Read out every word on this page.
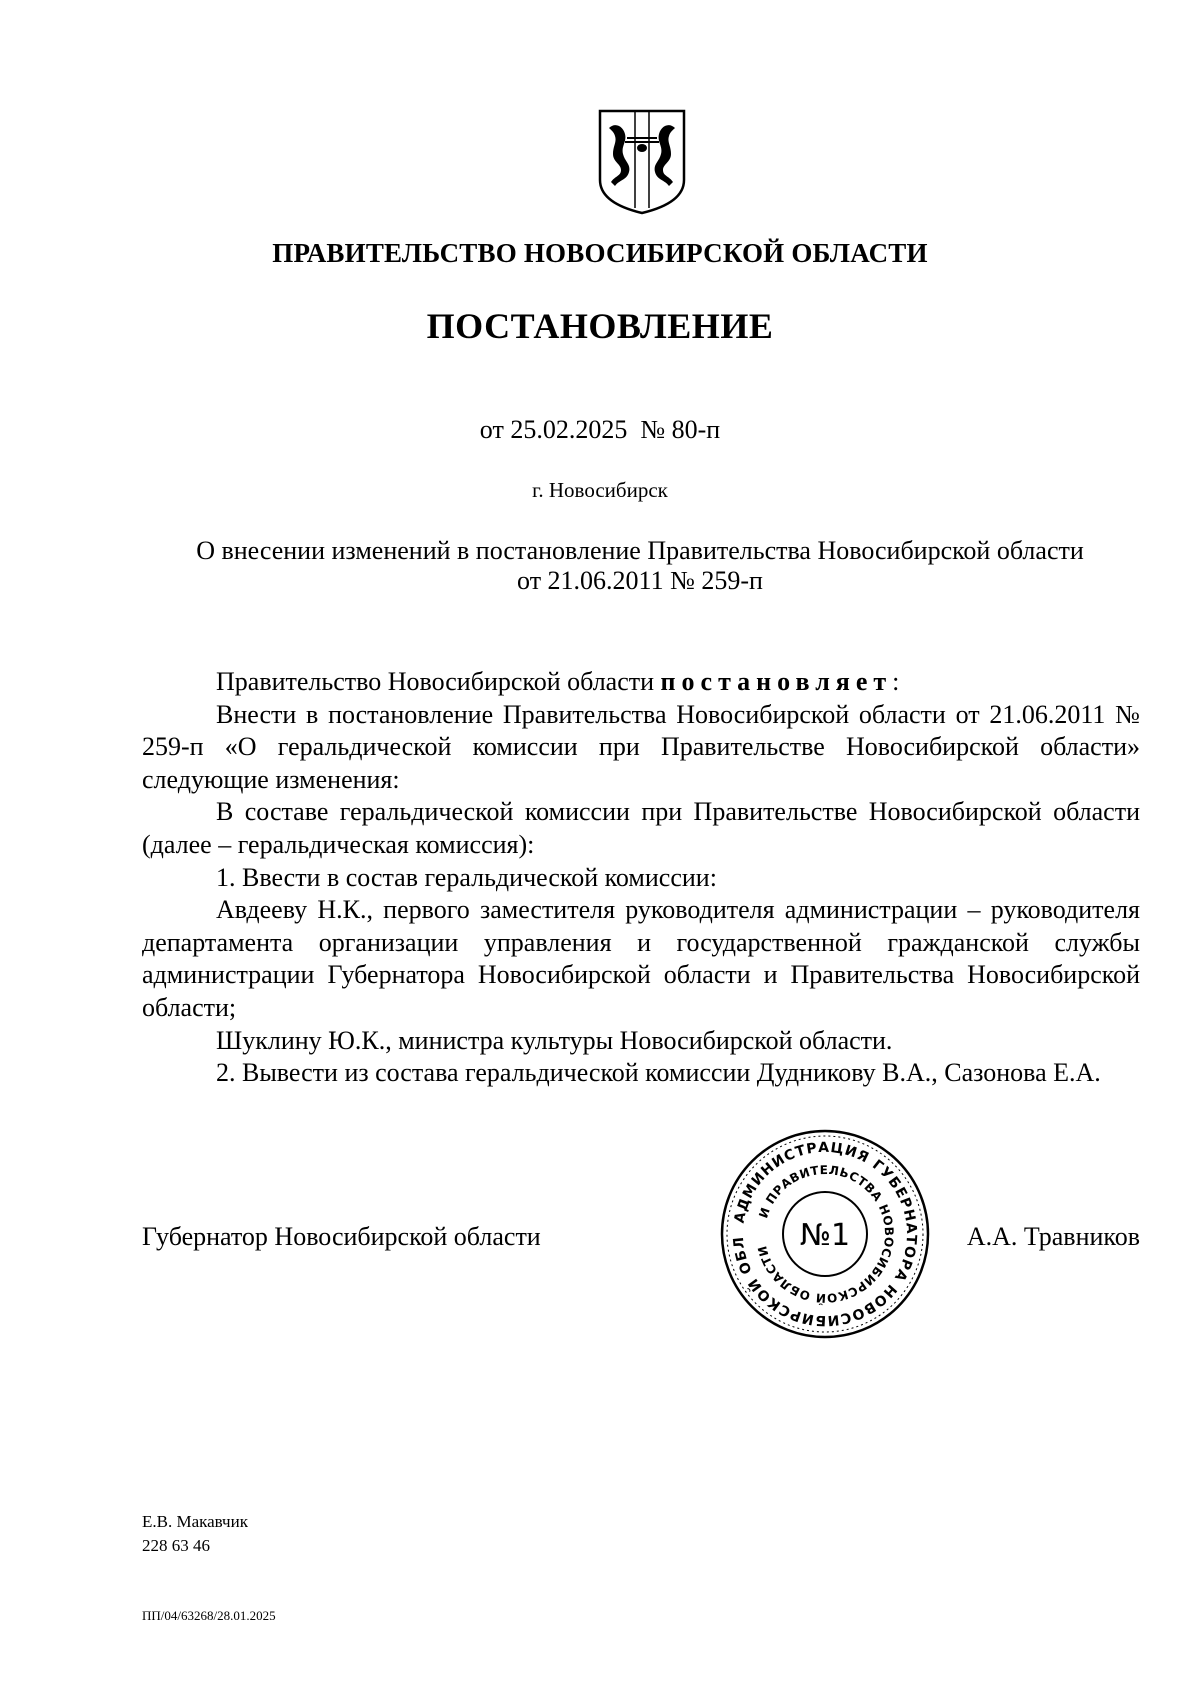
ПРАВИТЕЛЬСТВО НОВОСИБИРСКОЙ ОБЛАСТИ
ПОСТАНОВЛЕНИЕ
от 25.02.2025  № 80-п
г. Новосибирск
О внесении изменений в постановление Правительства Новосибирской области
от 21.06.2011 № 259-п

Правительство Новосибирской области постановляет:

Внести в постановление Правительства Новосибирской области от 21.06.2011 № 259-п «О геральдической комиссии при Правительстве Новосибирской области» следующие изменения:

В составе геральдической комиссии при Правительстве Новосибирской области (далее – геральдическая комиссия):

1. Ввести в состав геральдической комиссии:

Авдееву Н.К., первого заместителя руководителя администрации – руководителя департамента организации управления и государственной гражданской службы администрации Губернатора Новосибирской области и Правительства Новосибирской области;

Шуклину Ю.К., министра культуры Новосибирской области.

2. Вывести из состава геральдической комиссии Дудникову В.А., Сазонова Е.А.

Губернатор Новосибирской области	А.А. Травников
АДМИНИСТРАЦИЯ ГУБЕРНАТОРА НОВОСИБИРСКОЙ ОБЛ
И ПРАВИТЕЛЬСТВА НОВОСИБИРСКОЙ ОБЛАСТИ №1
Е.В. Макавчик
228 63 46
ПП/04/63268/28.01.2025
